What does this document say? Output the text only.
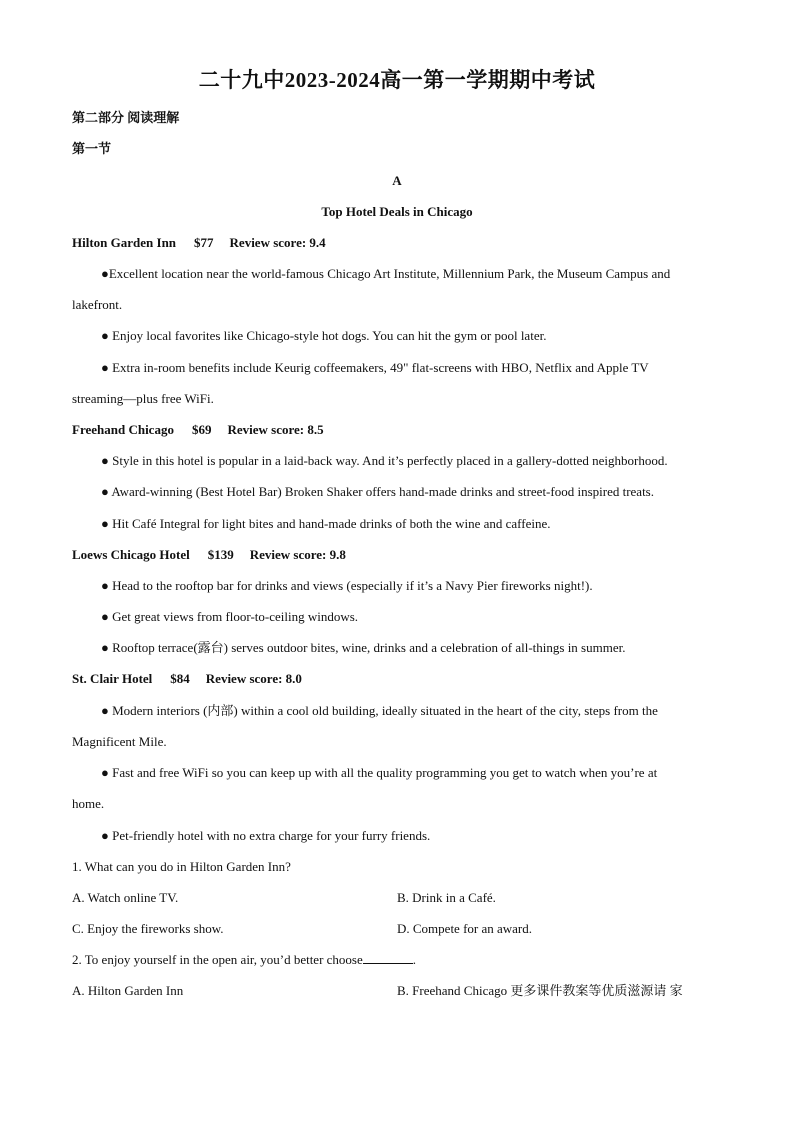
二十九中2023-2024高一第一学期期中考试
第二部分 阅读理解
第一节
A
Top Hotel Deals in Chicago
Hilton Garden Inn $77 Review score: 9.4
●Excellent location near the world-famous Chicago Art Institute, Millennium Park, the Museum Campus and
lakefront.
● Enjoy local favorites like Chicago-style hot dogs. You can hit the gym or pool later.
● Extra in-room benefits include Keurig coffeemakers, 49" flat-screens with HBO, Netflix and Apple TV
streaming—plus free WiFi.
Freehand Chicago $69 Review score: 8.5
● Style in this hotel is popular in a laid-back way. And it’s perfectly placed in a gallery-dotted neighborhood.
● Award-winning (Best Hotel Bar) Broken Shaker offers hand-made drinks and street-food inspired treats.
● Hit Café Integral for light bites and hand-made drinks of both the wine and caffeine.
Loews Chicago Hotel $139 Review score: 9.8
● Head to the rooftop bar for drinks and views (especially if it’s a Navy Pier fireworks night!).
● Get great views from floor-to-ceiling windows.
● Rooftop terrace(露台) serves outdoor bites, wine, drinks and a celebration of all-things in summer.
St. Clair Hotel $84 Review score: 8.0
● Modern interiors (内部) within a cool old building, ideally situated in the heart of the city, steps from the
Magnificent Mile.
● Fast and free WiFi so you can keep up with all the quality programming you get to watch when you’re at
home.
● Pet-friendly hotel with no extra charge for your furry friends.
1. What can you do in Hilton Garden Inn?
A. Watch online TV.	B. Drink in a Café.
C. Enjoy the fireworks show.	D. Compete for an award.
2. To enjoy yourself in the open air, you’d better choose	.
A. Hilton Garden Inn	B. Freehand Chicago 更多课件教案等优质滋源请 家
